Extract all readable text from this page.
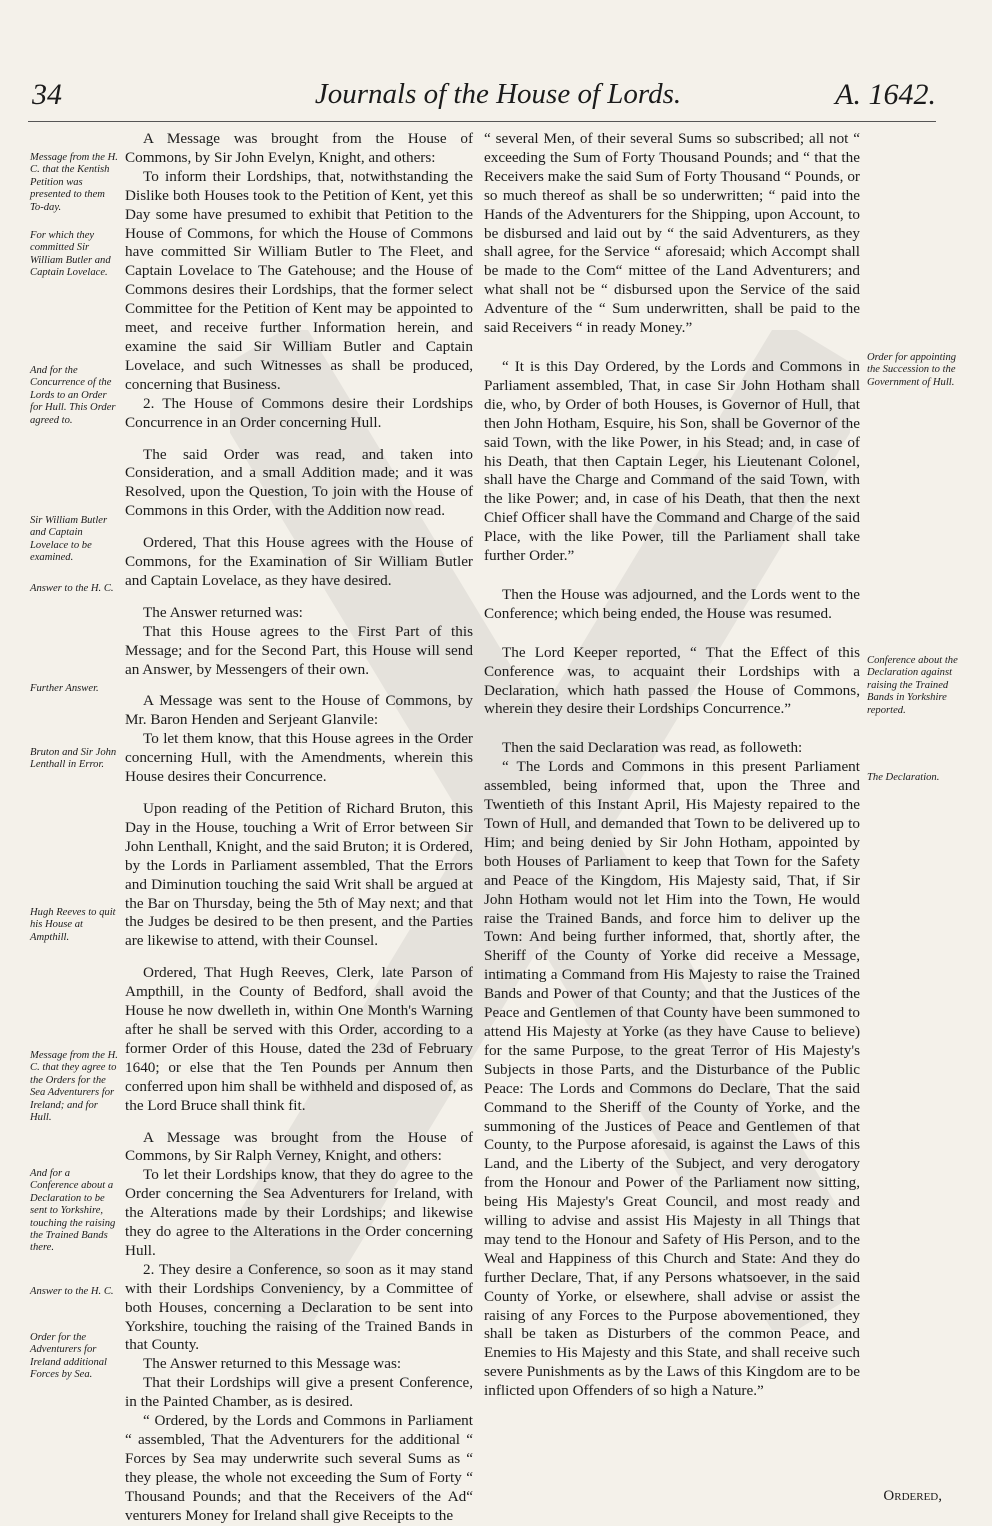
34	Journals of the House of Lords.	A. 1642.
Message from the H. C. that the Kentish Petition was presented to them To-day.
For which they committed Sir William Butler and Captain Lovelace.
And for the Concurrence of the Lords to an Order for Hull. This Order agreed to.
Sir William Butler and Captain Lovelace to be examined.
Answer to the H. C.
Further Answer.
Bruton and Sir John Lenthall in Error.
Hugh Reeves to quit his House at Ampthill.
Message from the H. C. that they agree to the Orders for the Sea Adventurers for Ireland; and for Hull.
And for a Conference about a Declaration to be sent to Yorkshire, touching the raising the Trained Bands there.
Answer to the H. C.
Order for the Adventurers for Ireland additional Forces by Sea.

A Message was brought from the House of Commons, by Sir John Evelyn, Knight, and others:

To inform their Lordships, that, notwithstanding the Dislike both Houses took to the Petition of Kent, yet this Day some have presumed to exhibit that Petition to the House of Commons, for which the House of Commons have committed Sir William Butler to The Fleet, and Captain Lovelace to The Gatehouse; and the House of Commons desires their Lordships, that the former select Committee for the Petition of Kent may be appointed to meet, and receive further Information herein, and examine the said Sir William Butler and Captain Lovelace, and such Witnesses as shall be produced, concerning that Business.

2. The House of Commons desire their Lordships Concurrence in an Order concerning Hull.

The said Order was read, and taken into Consideration, and a small Addition made; and it was Resolved, upon the Question, To join with the House of Commons in this Order, with the Addition now read.

Ordered, That this House agrees with the House of Commons, for the Examination of Sir William Butler and Captain Lovelace, as they have desired.

The Answer returned was:

That this House agrees to the First Part of this Message; and for the Second Part, this House will send an Answer, by Messengers of their own.

A Message was sent to the House of Commons, by Mr. Baron Henden and Serjeant Glanvile:

To let them know, that this House agrees in the Order concerning Hull, with the Amendments, wherein this House desires their Concurrence.

Upon reading of the Petition of Richard Bruton, this Day in the House, touching a Writ of Error between Sir John Lenthall, Knight, and the said Bruton; it is Ordered, by the Lords in Parliament assembled, That the Errors and Diminution touching the said Writ shall be argued at the Bar on Thursday, being the 5th of May next; and that the Judges be desired to be then present, and the Parties are likewise to attend, with their Counsel.

Ordered, That Hugh Reeves, Clerk, late Parson of Ampthill, in the County of Bedford, shall avoid the House he now dwelleth in, within One Month's Warning after he shall be served with this Order, according to a former Order of this House, dated the 23d of February 1640; or else that the Ten Pounds per Annum then conferred upon him shall be withheld and disposed of, as the Lord Bruce shall think fit.

A Message was brought from the House of Commons, by Sir Ralph Verney, Knight, and others:

To let their Lordships know, that they do agree to the Order concerning the Sea Adventurers for Ireland, with the Alterations made by their Lordships; and likewise they do agree to the Alterations in the Order concerning Hull.

2. They desire a Conference, so soon as it may stand with their Lordships Conveniency, by a Committee of both Houses, concerning a Declaration to be sent into Yorkshire, touching the raising of the Trained Bands in that County.

The Answer returned to this Message was:

That their Lordships will give a present Conference, in the Painted Chamber, as is desired.

“ Ordered, by the Lords and Commons in Parliament “ assembled, That the Adventurers for the additional “ Forces by Sea may underwrite such several Sums as “ they please, the whole not exceeding the Sum of Forty “ Thousand Pounds; and that the Receivers of the Ad“ venturers Money for Ireland shall give Receipts to the

“ several Men, of their several Sums so subscribed; all not “ exceeding the Sum of Forty Thousand Pounds; and “ that the Receivers make the said Sum of Forty Thousand “ Pounds, or so much thereof as shall be so underwritten; “ paid into the Hands of the Adventurers for the Shipping, upon Account, to be disbursed and laid out by “ the said Adventurers, as they shall agree, for the Service “ aforesaid; which Accompt shall be made to the Com“ mittee of the Land Adventurers; and what shall not be “ disbursed upon the Service of the said Adventure of the “ Sum underwritten, shall be paid to the said Receivers “ in ready Money.”

“ It is this Day Ordered, by the Lords and Commons in Parliament assembled, That, in case Sir John Hotham shall die, who, by Order of both Houses, is Governor of Hull, that then John Hotham, Esquire, his Son, shall be Governor of the said Town, with the like Power, in his Stead; and, in case of his Death, that then Captain Leger, his Lieutenant Colonel, shall have the Charge and Command of the said Town, with the like Power; and, in case of his Death, that then the next Chief Officer shall have the Command and Charge of the said Place, with the like Power, till the Parliament shall take further Order.”

Then the House was adjourned, and the Lords went to the Conference; which being ended, the House was resumed.

The Lord Keeper reported, “ That the Effect of this Conference was, to acquaint their Lordships with a Declaration, which hath passed the House of Commons, wherein they desire their Lordships Concurrence.”

Then the said Declaration was read, as followeth:

“ The Lords and Commons in this present Parliament assembled, being informed that, upon the Three and Twentieth of this Instant April, His Majesty repaired to the Town of Hull, and demanded that Town to be delivered up to Him; and being denied by Sir John Hotham, appointed by both Houses of Parliament to keep that Town for the Safety and Peace of the Kingdom, His Majesty said, That, if Sir John Hotham would not let Him into the Town, He would raise the Trained Bands, and force him to deliver up the Town: And being further informed, that, shortly after, the Sheriff of the County of Yorke did receive a Message, intimating a Command from His Majesty to raise the Trained Bands and Power of that County; and that the Justices of the Peace and Gentlemen of that County have been summoned to attend His Majesty at Yorke (as they have Cause to believe) for the same Purpose, to the great Terror of His Majesty's Subjects in those Parts, and the Disturbance of the Public Peace: The Lords and Commons do Declare, That the said Command to the Sheriff of the County of Yorke, and the summoning of the Justices of Peace and Gentlemen of that County, to the Purpose aforesaid, is against the Laws of this Land, and the Liberty of the Subject, and very derogatory from the Honour and Power of the Parliament now sitting, being His Majesty's Great Council, and most ready and willing to advise and assist His Majesty in all Things that may tend to the Honour and Safety of His Person, and to the Weal and Happiness of this Church and State: And they do further Declare, That, if any Persons whatsoever, in the said County of Yorke, or elsewhere, shall advise or assist the raising of any Forces to the Purpose abovementioned, they shall be taken as Disturbers of the common Peace, and Enemies to His Majesty and this State, and shall receive such severe Punishments as by the Laws of this Kingdom are to be inflicted upon Offenders of so high a Nature.”

Order for appointing the Succession to the Government of Hull.
Conference about the Declaration against raising the Trained Bands in Yorkshire reported.
The Declaration.
Ordered,
